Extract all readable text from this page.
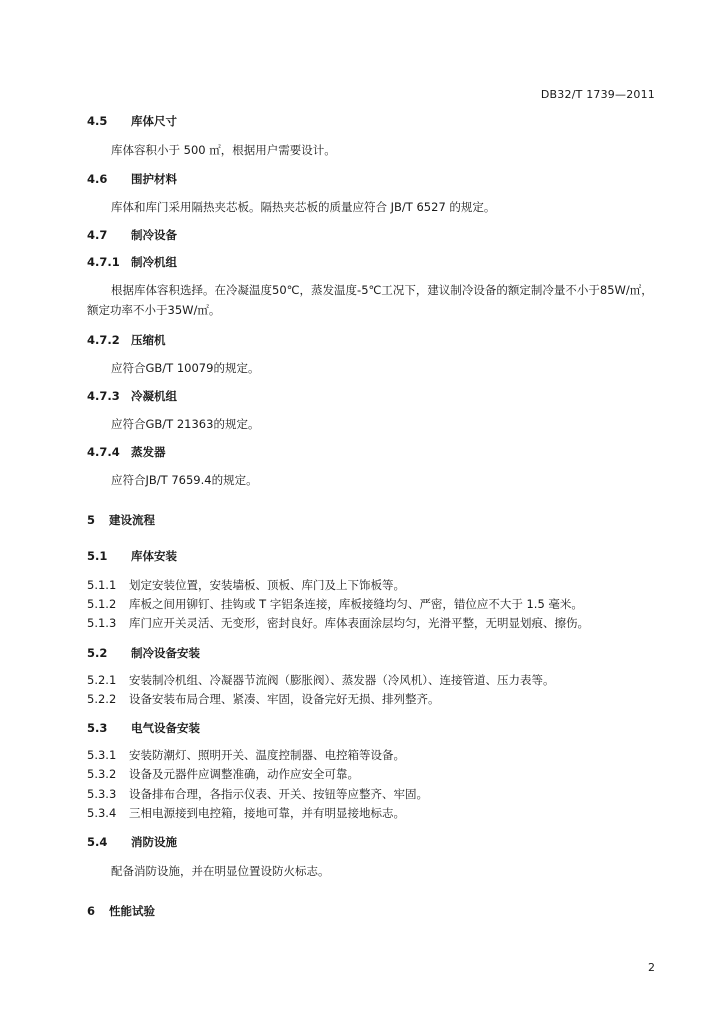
DB32/T 1739—2011
4.5 库体尺寸
库体容积小于 500 ㎡，根据用户需要设计。
4.6 围护材料
库体和库门采用隔热夹芯板。隔热夹芯板的质量应符合 JB/T 6527 的规定。
4.7 制冷设备
4.7.1 制冷机组
根据库体容积选择。在冷凝温度50℃，蒸发温度-5℃工况下，建议制冷设备的额定制冷量不小于85W/㎡，额定功率不小于35W/㎡。
4.7.2 压缩机
应符合GB/T 10079的规定。
4.7.3 冷凝机组
应符合GB/T 21363的规定。
4.7.4 蒸发器
应符合JB/T 7659.4的规定。
5 建设流程
5.1 库体安装
5.1.1 划定安装位置，安装墙板、顶板、库门及上下饰板等。
5.1.2 库板之间用铆钉、挂钩或 T 字铝条连接，库板接缝均匀、严密，错位应不大于 1.5 毫米。
5.1.3 库门应开关灵活、无变形，密封良好。库体表面涂层均匀，光滑平整，无明显划痕、擦伤。
5.2 制冷设备安装
5.2.1 安装制冷机组、冷凝器节流阀（膨胀阀）、蒸发器（冷风机）、连接管道、压力表等。
5.2.2 设备安装布局合理、紧凑、牢固，设备完好无损、排列整齐。
5.3 电气设备安装
5.3.1 安装防潮灯、照明开关、温度控制器、电控箱等设备。
5.3.2 设备及元器件应调整准确，动作应安全可靠。
5.3.3 设备排布合理，各指示仪表、开关、按钮等应整齐、牢固。
5.3.4 三相电源接到电控箱，接地可靠，并有明显接地标志。
5.4 消防设施
配备消防设施，并在明显位置设防火标志。
6 性能试验
2
